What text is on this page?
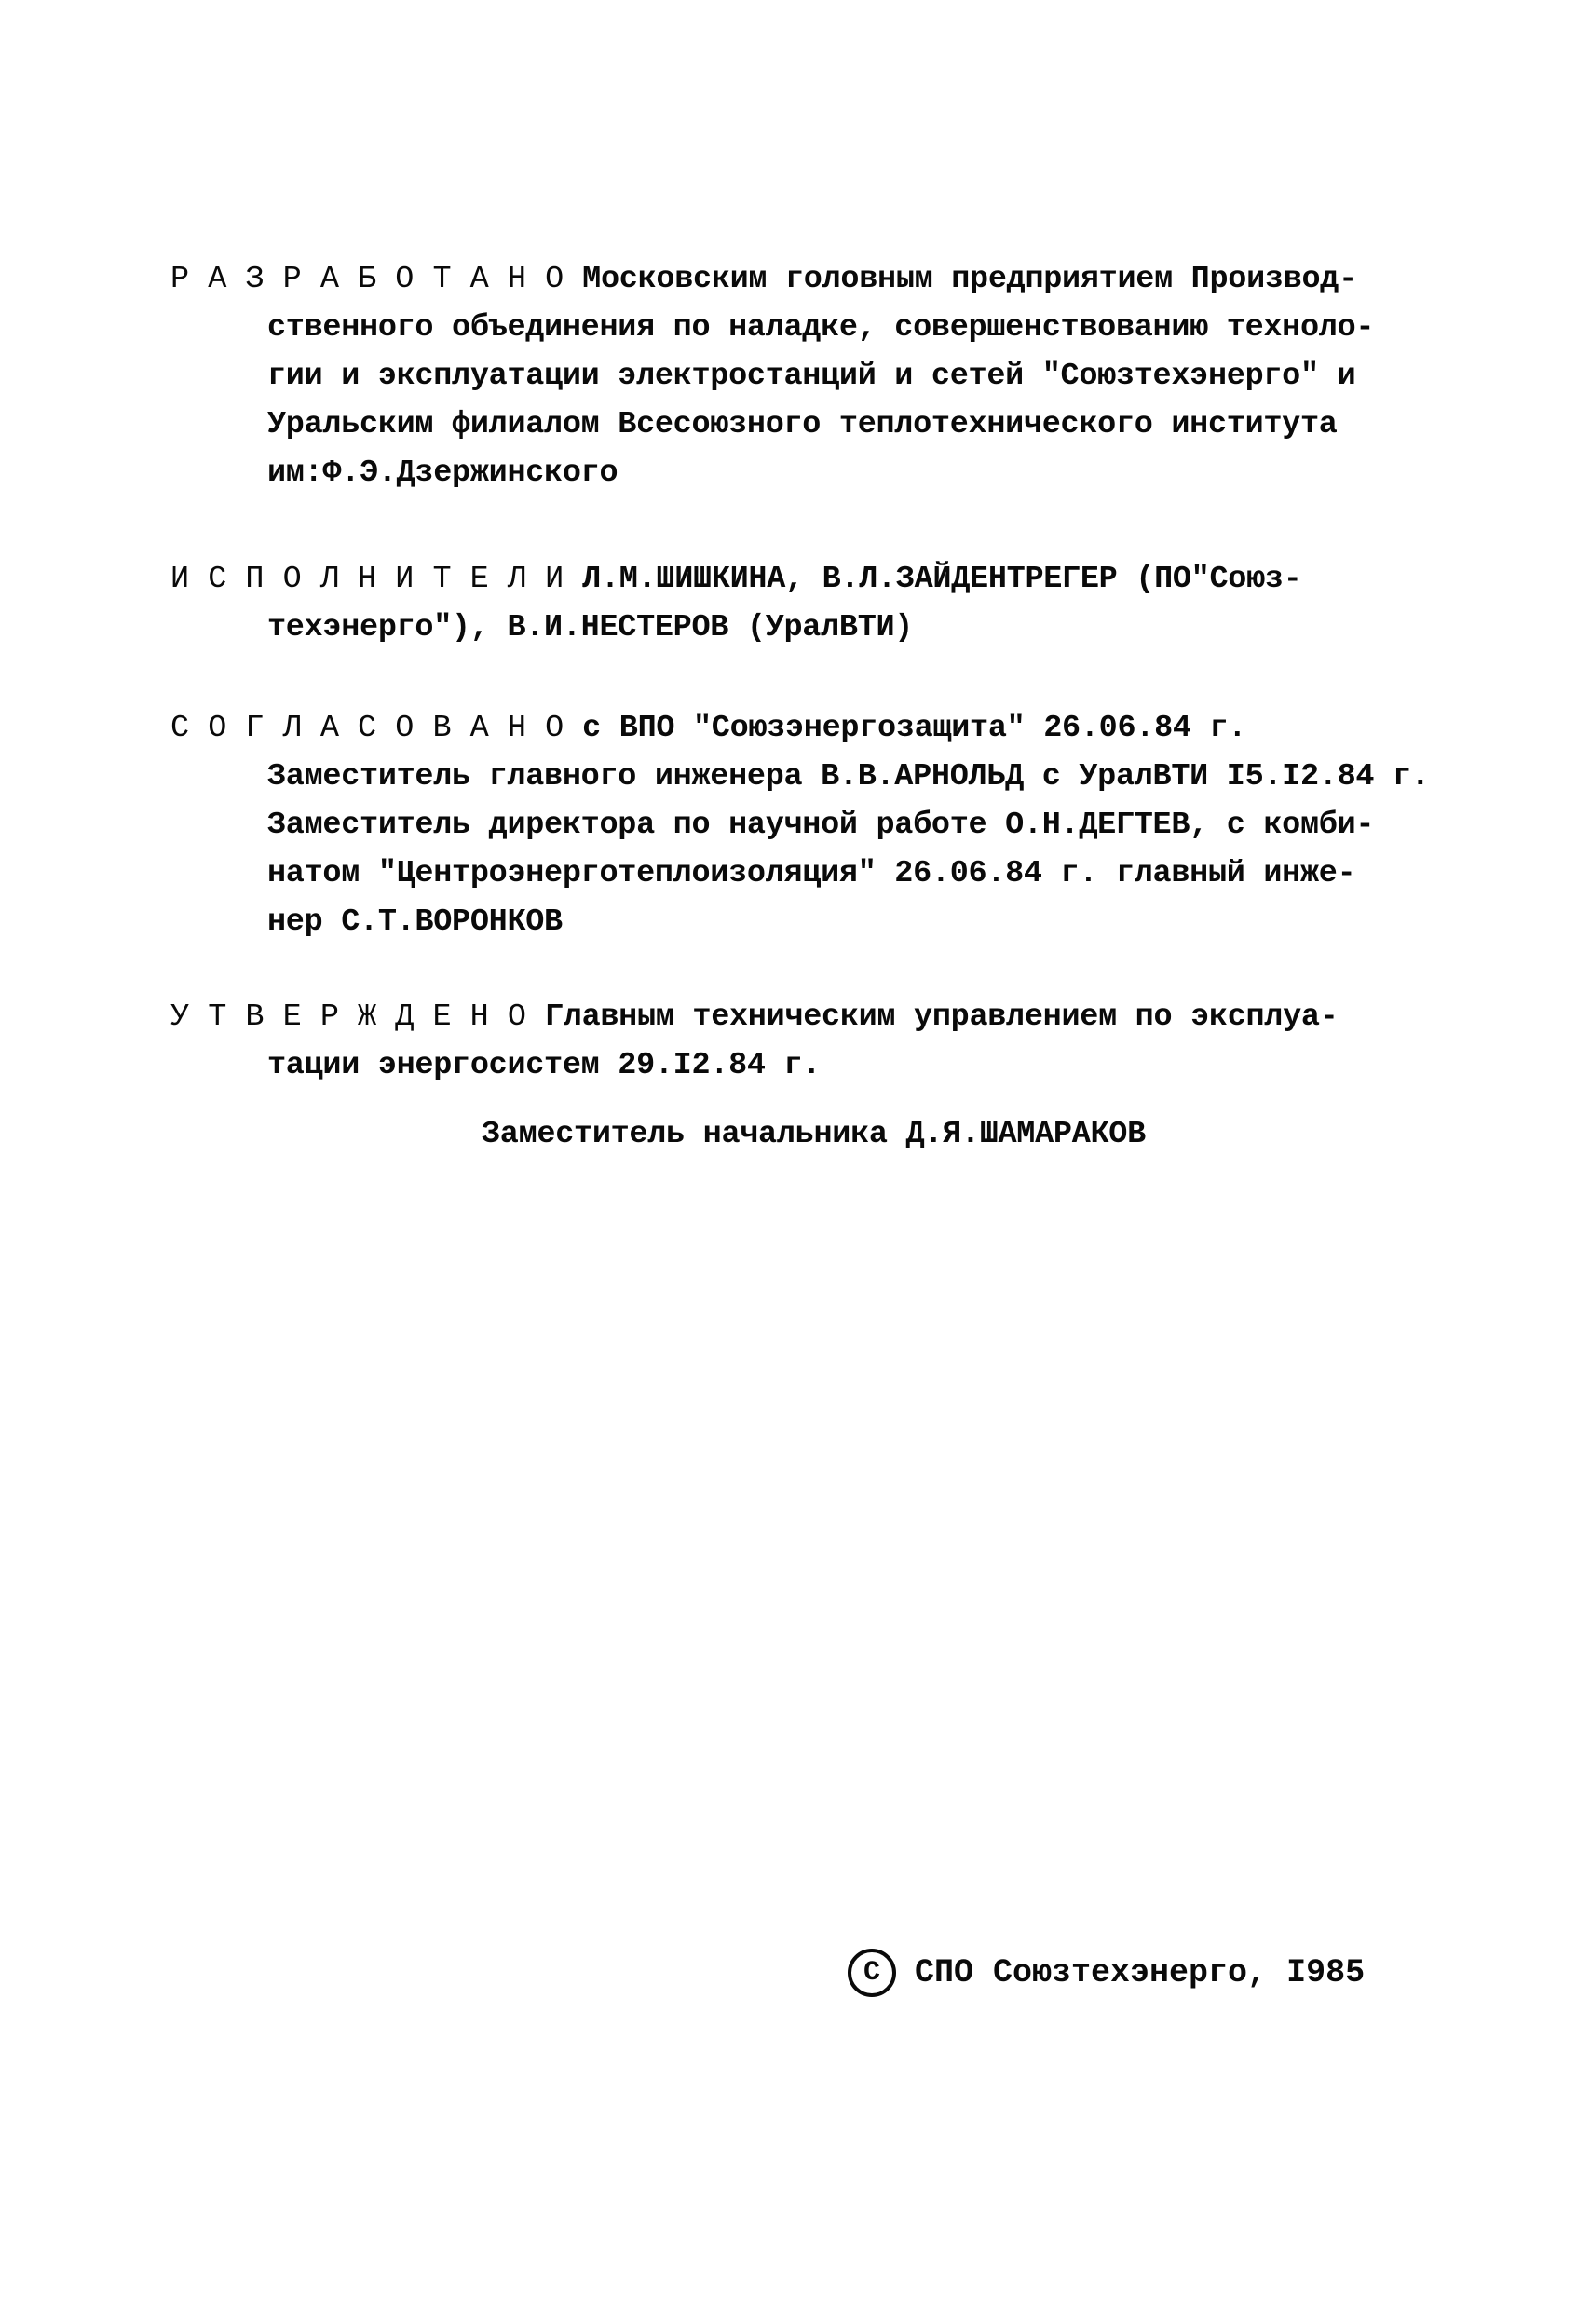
Р А З Р А Б О Т А Н О Московским головным предприятием Производ-
ственного объединения по наладке, совершенствованию техноло-
гии и эксплуатации электростанций и сетей "Союзтехэнерго" и
Уральским филиалом Всесоюзного теплотехнического института
им:Ф.Э.Дзержинского
И С П О Л Н И Т Е Л И Л.М.ШИШКИНА, В.Л.ЗАЙДЕНТРЕГЕР (ПО"Союз-
техэнерго"), В.И.НЕСТЕРОВ (УралВТИ)
С О Г Л А С О В А Н О с ВПО "Союзэнергозащита" 26.06.84 г.
Заместитель главного инженера В.В.АРНОЛЬД с УралВТИ I5.I2.84 г.
Заместитель директора по научной работе О.Н.ДЕГТЕВ, с комби-
натом "Центроэнерготеплоизоляция" 26.06.84 г. главный инже-
нер С.Т.ВОРОНКОВ
У Т В Е Р Ж Д Е Н О Главным техническим управлением по эксплуа-
тации энергосистем 29.I2.84 г.
Заместитель начальника Д.Я.ШАМАРАКОВ
C	СПО Союзтехэнерго, I985
